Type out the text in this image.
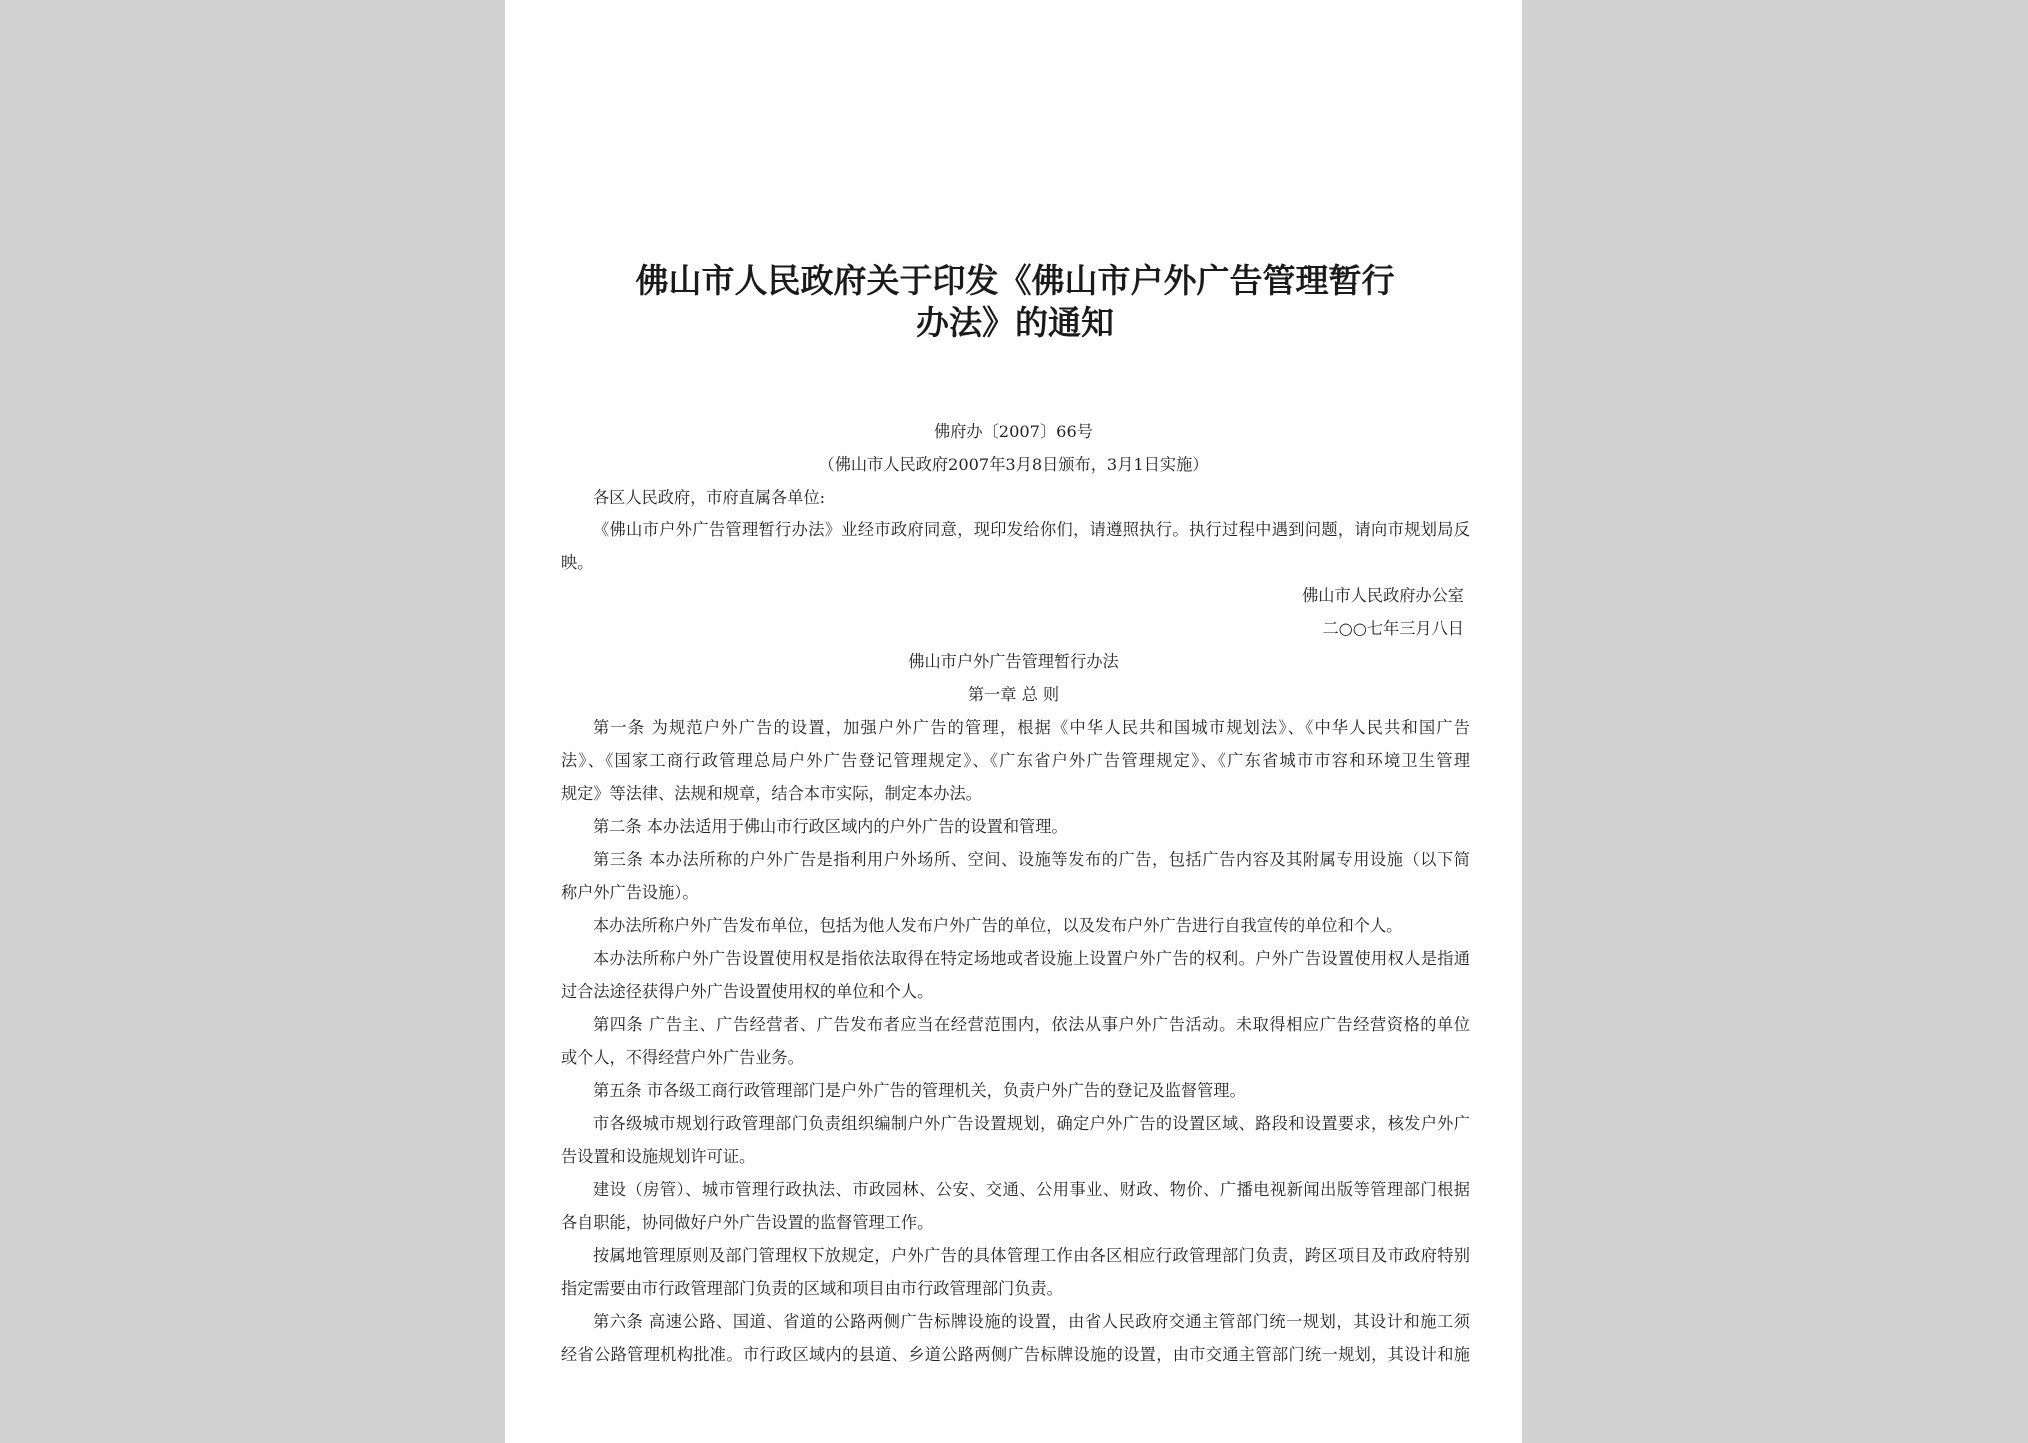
佛山市人民政府关于印发《佛山市户外广告管理暂行
办法》的通知
佛府办〔2007〕66号
（佛山市人民政府2007年3月8日颁布，3月1日实施）
各区人民政府，市府直属各单位:
《佛山市户外广告管理暂行办法》业经市政府同意，现印发给你们，请遵照执行。执行过程中遇到问题，请向市规划局反
映。
佛山市人民政府办公室
二○○七年三月八日
佛山市户外广告管理暂行办法
第一章 总 则
第一条 为规范户外广告的设置，加强户外广告的管理，根据《中华人民共和国城市规划法》、《中华人民共和国广告
法》、《国家工商行政管理总局户外广告登记管理规定》、《广东省户外广告管理规定》、《广东省城市市容和环境卫生管理
规定》等法律、法规和规章，结合本市实际，制定本办法。
第二条 本办法适用于佛山市行政区域内的户外广告的设置和管理。
第三条 本办法所称的户外广告是指利用户外场所、空间、设施等发布的广告，包括广告内容及其附属专用设施（以下简
称户外广告设施）。
本办法所称户外广告发布单位，包括为他人发布户外广告的单位，以及发布户外广告进行自我宣传的单位和个人。
本办法所称户外广告设置使用权是指依法取得在特定场地或者设施上设置户外广告的权利。户外广告设置使用权人是指通
过合法途径获得户外广告设置使用权的单位和个人。
第四条 广告主、广告经营者、广告发布者应当在经营范围内，依法从事户外广告活动。未取得相应广告经营资格的单位
或个人，不得经营户外广告业务。
第五条 市各级工商行政管理部门是户外广告的管理机关，负责户外广告的登记及监督管理。
市各级城市规划行政管理部门负责组织编制户外广告设置规划，确定户外广告的设置区域、路段和设置要求，核发户外广
告设置和设施规划许可证。
建设（房管）、城市管理行政执法、市政园林、公安、交通、公用事业、财政、物价、广播电视新闻出版等管理部门根据
各自职能，协同做好户外广告设置的监督管理工作。
按属地管理原则及部门管理权下放规定，户外广告的具体管理工作由各区相应行政管理部门负责，跨区项目及市政府特别
指定需要由市行政管理部门负责的区域和项目由市行政管理部门负责。
第六条 高速公路、国道、省道的公路两侧广告标牌设施的设置，由省人民政府交通主管部门统一规划，其设计和施工须
经省公路管理机构批准。市行政区域内的县道、乡道公路两侧广告标牌设施的设置，由市交通主管部门统一规划，其设计和施
